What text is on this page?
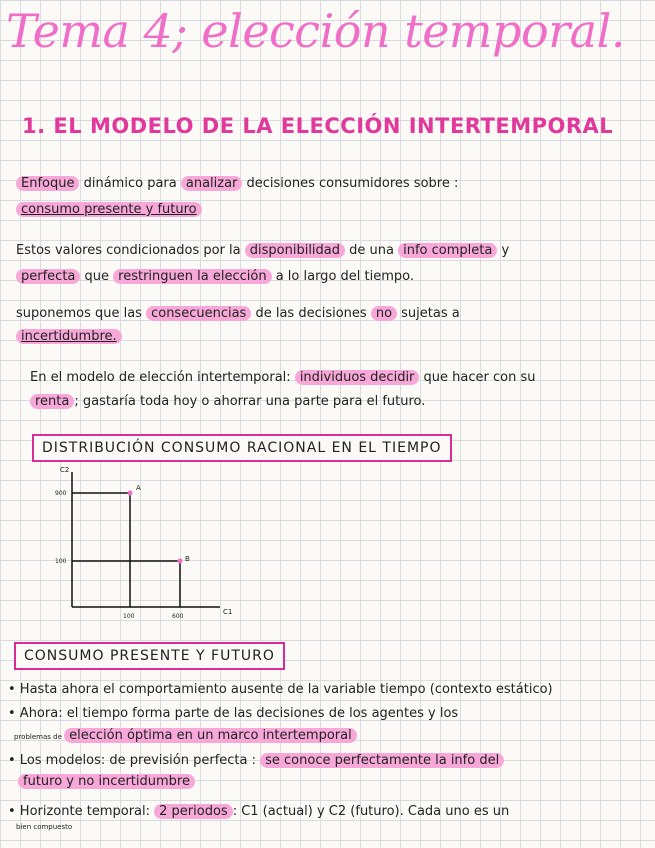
Tema 4; elección temporal.
1. EL MODELO DE LA ELECCIÓN INTERTEMPORAL
Enfoque dinámico para analizar decisiones consumidores sobre :
consumo presente y futuro
Estos valores condicionados por la disponibilidad de una info completa y
perfecta que restringuen la elección a lo largo del tiempo.
suponemos que las consecuencias de las decisiones no sujetas a
incertidumbre.
En el modelo de elección intertemporal: individuos decidir que hacer con su
renta ; gastaría toda hoy o ahorrar una parte para el futuro.
DISTRIBUCIÓN CONSUMO RACIONAL EN EL TIEMPO
C2
C1
900
100
100	600
A
B
CONSUMO PRESENTE Y FUTURO
• Hasta ahora el comportamiento ausente de la variable tiempo (contexto estático)
• Ahora: el tiempo forma parte de las decisiones de los agentes y los
problemas de elección óptima en un marco intertemporal
• Los modelos: de previsión perfecta : se conoce perfectamente la info del
futuro y no incertidumbre
• Horizonte temporal: 2 periodos : C1 (actual) y C2 (futuro). Cada uno es un
bien compuesto
